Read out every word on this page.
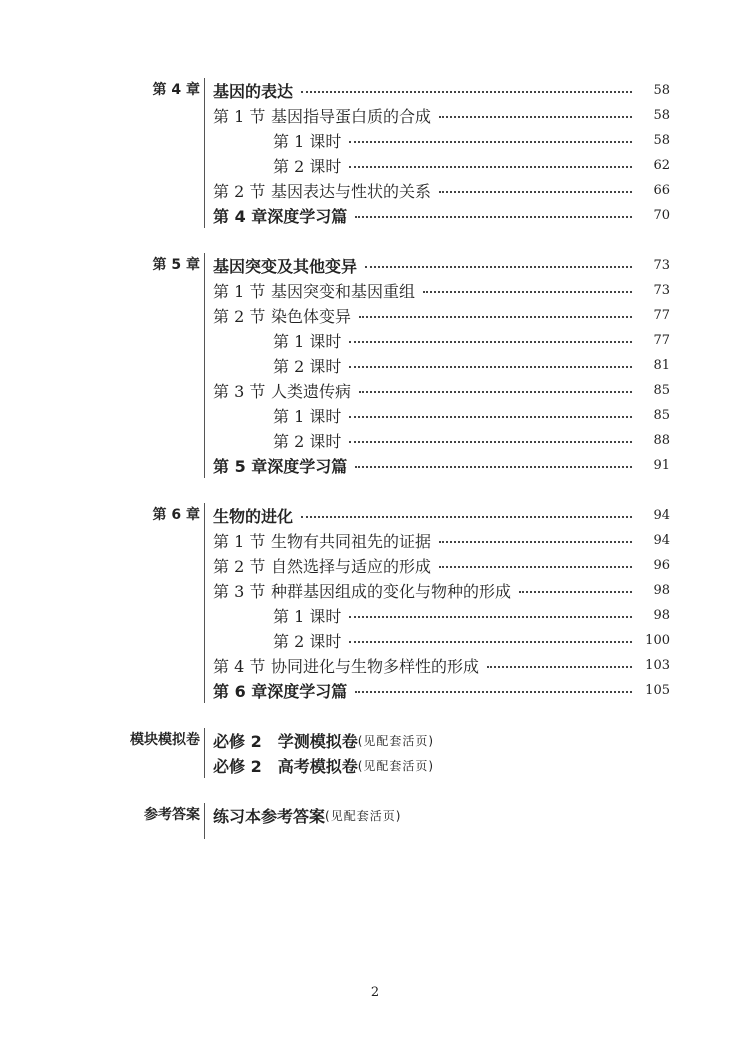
第 4 章 基因的表达	58
第 1 节 基因指导蛋白质的合成	58
第 1 课时	58
第 2 课时	62
第 2 节 基因表达与性状的关系	66
第 4 章深度学习篇	70
第 5 章 基因突变及其他变异	73
第 1 节 基因突变和基因重组	73
第 2 节 染色体变异	77
第 1 课时	77
第 2 课时	81
第 3 节 人类遗传病	85
第 1 课时	85
第 2 课时	88
第 5 章深度学习篇	91
第 6 章 生物的进化	94
第 1 节 生物有共同祖先的证据	94
第 2 节 自然选择与适应的形成	96
第 3 节 种群基因组成的变化与物种的形成	98
第 1 课时	98
第 2 课时	100
第 4 节 协同进化与生物多样性的形成	103
第 6 章深度学习篇	105
模块模拟卷 必修 2　学测模拟卷 (见配套活页)
必修 2　高考模拟卷 (见配套活页)
参考答案 练习本参考答案 (见配套活页)
2
